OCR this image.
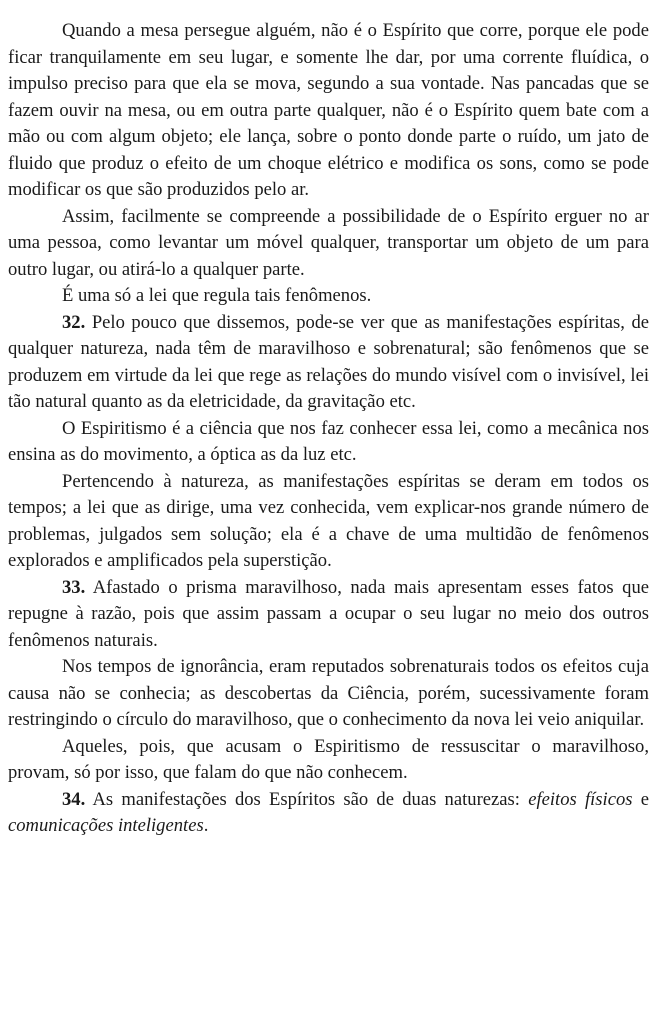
Quando a mesa persegue alguém, não é o Espírito que corre, porque ele pode ficar tranquilamente em seu lugar, e somente lhe dar, por uma corrente fluídica, o impulso preciso para que ela se mova, segundo a sua vontade. Nas pancadas que se fazem ouvir na mesa, ou em outra parte qualquer, não é o Espírito quem bate com a mão ou com algum objeto; ele lança, sobre o ponto donde parte o ruído, um jato de fluido que produz o efeito de um choque elétrico e modifica os sons, como se pode modificar os que são produzidos pelo ar.

Assim, facilmente se compreende a possibilidade de o Espírito erguer no ar uma pessoa, como levantar um móvel qualquer, transportar um objeto de um para outro lugar, ou atirá-lo a qualquer parte.

É uma só a lei que regula tais fenômenos.

32. Pelo pouco que dissemos, pode-se ver que as manifestações espíritas, de qualquer natureza, nada têm de maravilhoso e sobrenatural; são fenômenos que se produzem em virtude da lei que rege as relações do mundo visível com o invisível, lei tão natural quanto as da eletricidade, da gravitação etc.

O Espiritismo é a ciência que nos faz conhecer essa lei, como a mecânica nos ensina as do movimento, a óptica as da luz etc.

Pertencendo à natureza, as manifestações espíritas se deram em todos os tempos; a lei que as dirige, uma vez conhecida, vem explicar-nos grande número de problemas, julgados sem solução; ela é a chave de uma multidão de fenômenos explorados e amplificados pela superstição.

33. Afastado o prisma maravilhoso, nada mais apresentam esses fatos que repugne à razão, pois que assim passam a ocupar o seu lugar no meio dos outros fenômenos naturais.

Nos tempos de ignorância, eram reputados sobrenaturais todos os efeitos cuja causa não se conhecia; as descobertas da Ciência, porém, sucessivamente foram restringindo o círculo do maravilhoso, que o conhecimento da nova lei veio aniquilar.

Aqueles, pois, que acusam o Espiritismo de ressuscitar o maravilhoso, provam, só por isso, que falam do que não conhecem.

34. As manifestações dos Espíritos são de duas naturezas: efeitos físicos e comunicações inteligentes.
